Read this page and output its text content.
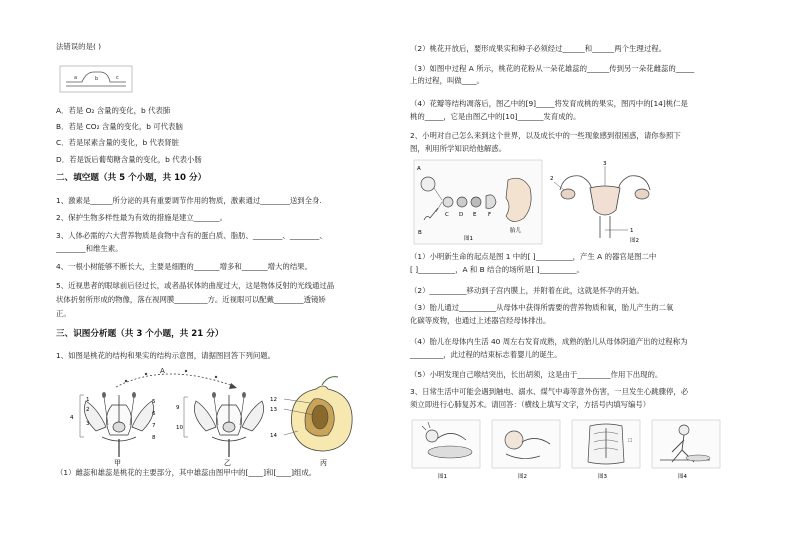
法错误的是( )
a	b	c
A．若是 O₂ 含量的变化，b 代表肺
B．若是 CO₂ 含量的变化，b 可代表脑
C．若是尿素含量的变化，b 代表肾脏
D．若是饭后葡萄糖含量的变化，b 代表小肠
二、填空题（共 5 个小题，共 10 分）
1、激素是______所分泌的具有重要调节作用的物质，激素通过________送到全身.
2、保护生物多样性最为有效的措施是建立_______。
3、人体必需的六大营养物质是食物中含有的蛋白质、脂肪、________、________、
________和维生素。
4、一根小树能够不断长大，主要是细胞的_______增多和_______增大的结果。
5、近视患者的眼球前后径过长，或者晶状体的曲度过大，这是物体反射的光线通过晶
状体折射所形成的物像，落在视网膜_________方。近视眼可以配戴________透镜矫
正。
三、识图分析题（共 3 个小题，共 21 分）
1、如图是桃花的结构和果实的结构示意图，请据图回答下列问题。
A
甲	乙	丙
4
1
2
3
5
6
7
8
9
10
12
13
14
（1）雌蕊和雄蕊是桃花的主要部分，其中雄蕊由图甲中的[____]和[____]组成。
（2）桃花开放后，要形成果实和种子必须经过______和______两个生理过程。
（3）如图中过程 A 所示，桃花的花粉从一朵花雄蕊的______传到另一朵花雌蕊的_____
上的过程，叫做____。
（4）花瓣等结构凋落后，图乙中的[9]_____将发育成桃的果实，图丙中的[14]桃仁是
桃的_____，它是由图乙中的[10]_______发育成的。
2、小明对自己怎么来到这个世界，以及成长中的一些现象感到很困惑，请你参照下
图，利用所学知识给他解惑。
A
B
C D E F
胎儿
图1
2
3
1
图2
（1）小明新生命的起点是图 1 中的[ ]__________，产生 A 的器官是图二中
[ ]__________，A 和 B 结合的场所是[ ]__________。
（2）__________移动到子宫内膜上，并附着在此，这就是怀孕的开始。
（3）胎儿通过__________从母体中获得所需要的营养物质和氧，胎儿产生的二氧
化碳等废物，也通过上述器官经母体排出。
（4）胎儿在母体内生活 40 周左右发育成熟，成熟的胎儿从母体阴道产出的过程称为
_________，此过程的结束标志着婴儿的诞生。
（5）小明发现自己喉结突出，长出胡须，这是由于_________作用下出现的。
3、日常生活中可能会遇到触电、溺水、煤气中毒等意外伤害，一旦发生心跳骤停，必
须立即进行心肺复苏术。请回答：（横线上填写文字，方括号内填写编号）
☐
图1	图2	图3	图4
